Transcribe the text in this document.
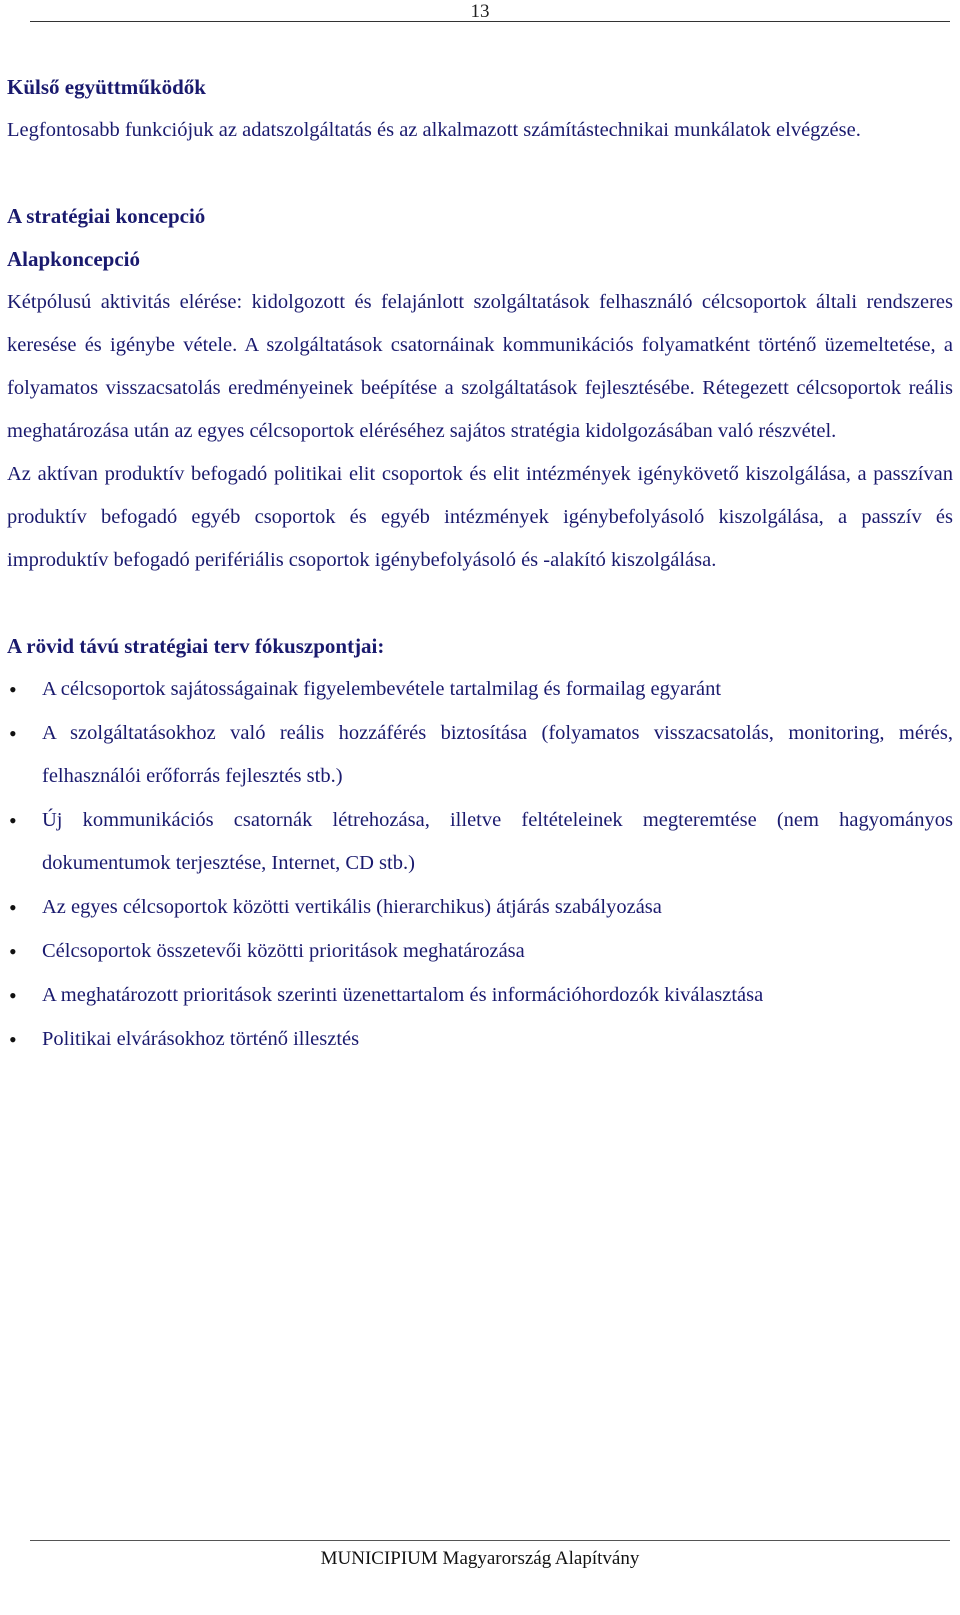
13
Külső együttműködők

Legfontosabb funkciójuk az adatszolgáltatás és az alkalmazott számítástechnikai munkálatok elvégzése.

A stratégiai koncepció
Alapkoncepció

Kétpólusú aktivitás elérése: kidolgozott és felajánlott szolgáltatások felhasználó célcsoportok általi rendszeres keresése és igénybe vétele. A szolgáltatások csatornáinak kommunikációs folyamatként történő üzemeltetése, a folyamatos visszacsatolás eredményeinek beépítése a szolgáltatások fejlesztésébe. Rétegezett célcsoportok reális meghatározása után az egyes célcsoportok eléréséhez sajátos stratégia kidolgozásában való részvétel.

Az aktívan produktív befogadó politikai elit csoportok és elit intézmények igénykövető kiszolgálása, a passzívan produktív befogadó egyéb csoportok és egyéb intézmények igénybefolyásoló kiszolgálása, a passzív és improduktív befogadó perifériális csoportok igénybefolyásoló és -alakító kiszolgálása.

A rövid távú stratégiai terv fókuszpontjai:
• A célcsoportok sajátosságainak figyelembevétele tartalmilag és formailag egyaránt
• A szolgáltatásokhoz való reális hozzáférés biztosítása (folyamatos visszacsatolás, monitoring, mérés, felhasználói erőforrás fejlesztés stb.)
• Új kommunikációs csatornák létrehozása, illetve feltételeinek megteremtése (nem hagyományos dokumentumok terjesztése, Internet, CD stb.)
• Az egyes célcsoportok közötti vertikális (hierarchikus) átjárás szabályozása
• Célcsoportok összetevői közötti prioritások meghatározása
• A meghatározott prioritások szerinti üzenettartalom és információhordozók kiválasztása
• Politikai elvárásokhoz történő illesztés
MUNICIPIUM Magyarország Alapítvány
